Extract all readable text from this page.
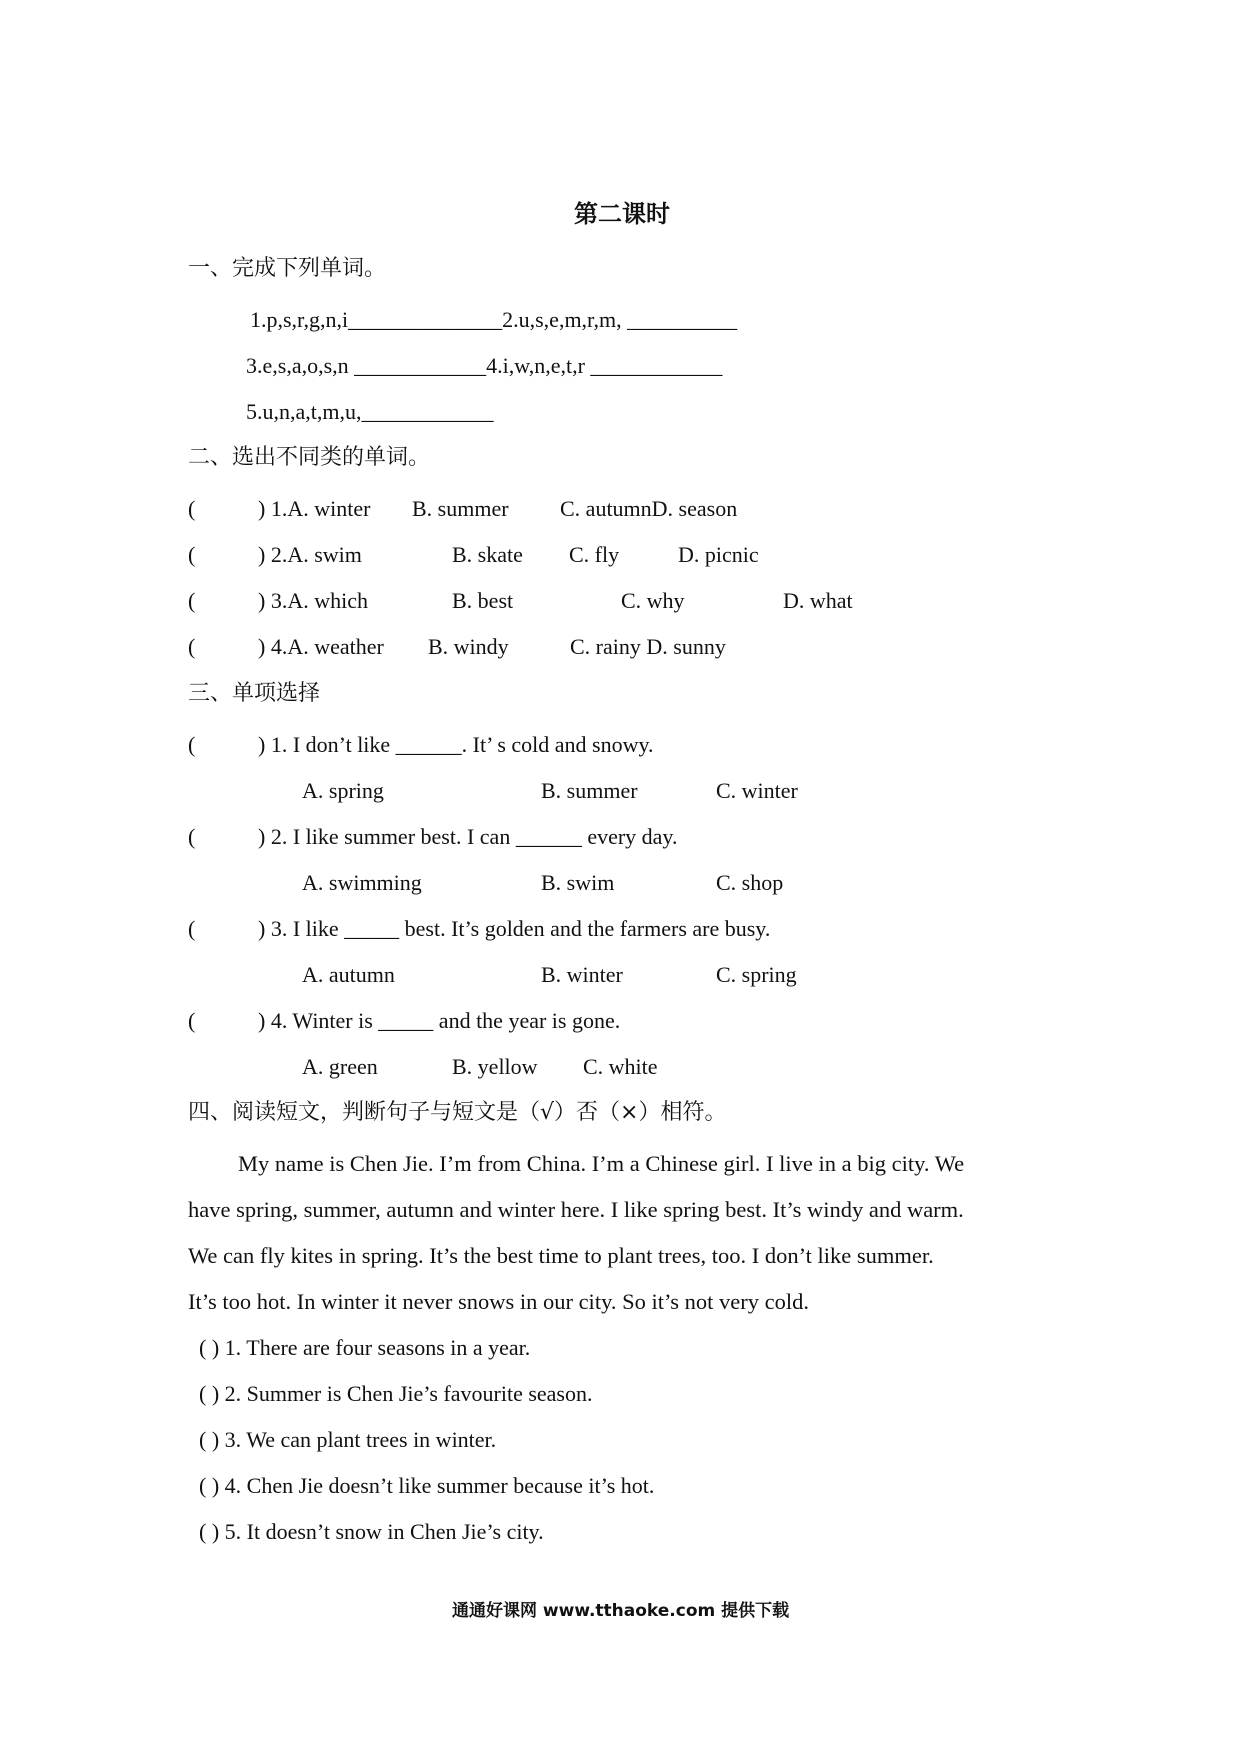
第二课时
一、完成下列单词。
1.p,s,r,g,n,i______________2.u,s,e,m,r,m, __________
3.e,s,a,o,s,n ____________4.i,w,n,e,t,r ____________
5.u,n,a,t,m,u,____________
二、选出不同类的单词。
(	) 1.A. winter B. summer C. autumnD. season
(	) 2.A. swim	B. skate C. fly	D. picnic
(	) 3.A. which	B. best	C. why	D. what
(	) 4.A. weather B. windy	C. rainy D. sunny
三、单项选择
(	) 1. I don’t like ______. It’ s cold and snowy.
A. spring	B. summer	C. winter
(	) 2. I like summer best. I can ______ every day.
A. swimming	B. swim	C. shop
(	) 3. I like _____ best. It’s golden and the farmers are busy.
A. autumn	B. winter	C. spring
(	) 4. Winter is _____ and the year is gone.
A. green	B. yellow C. white
四、阅读短文，判断句子与短文是（√）否（×）相符。
My name is Chen Jie. I’m from China. I’m a Chinese girl. I live in a big city. We
have spring, summer, autumn and winter here. I like spring best. It’s windy and warm.
We can fly kites in spring. It’s the best time to plant trees, too. I don’t like summer.
It’s too hot. In winter it never snows in our city. So it’s not very cold.
( ) 1. There are four seasons in a year.
( ) 2. Summer is Chen Jie’s favourite season.
( ) 3. We can plant trees in winter.
( ) 4. Chen Jie doesn’t like summer because it’s hot.
( ) 5. It doesn’t snow in Chen Jie’s city.
通通好课网 www.tthaoke.com 提供下载
